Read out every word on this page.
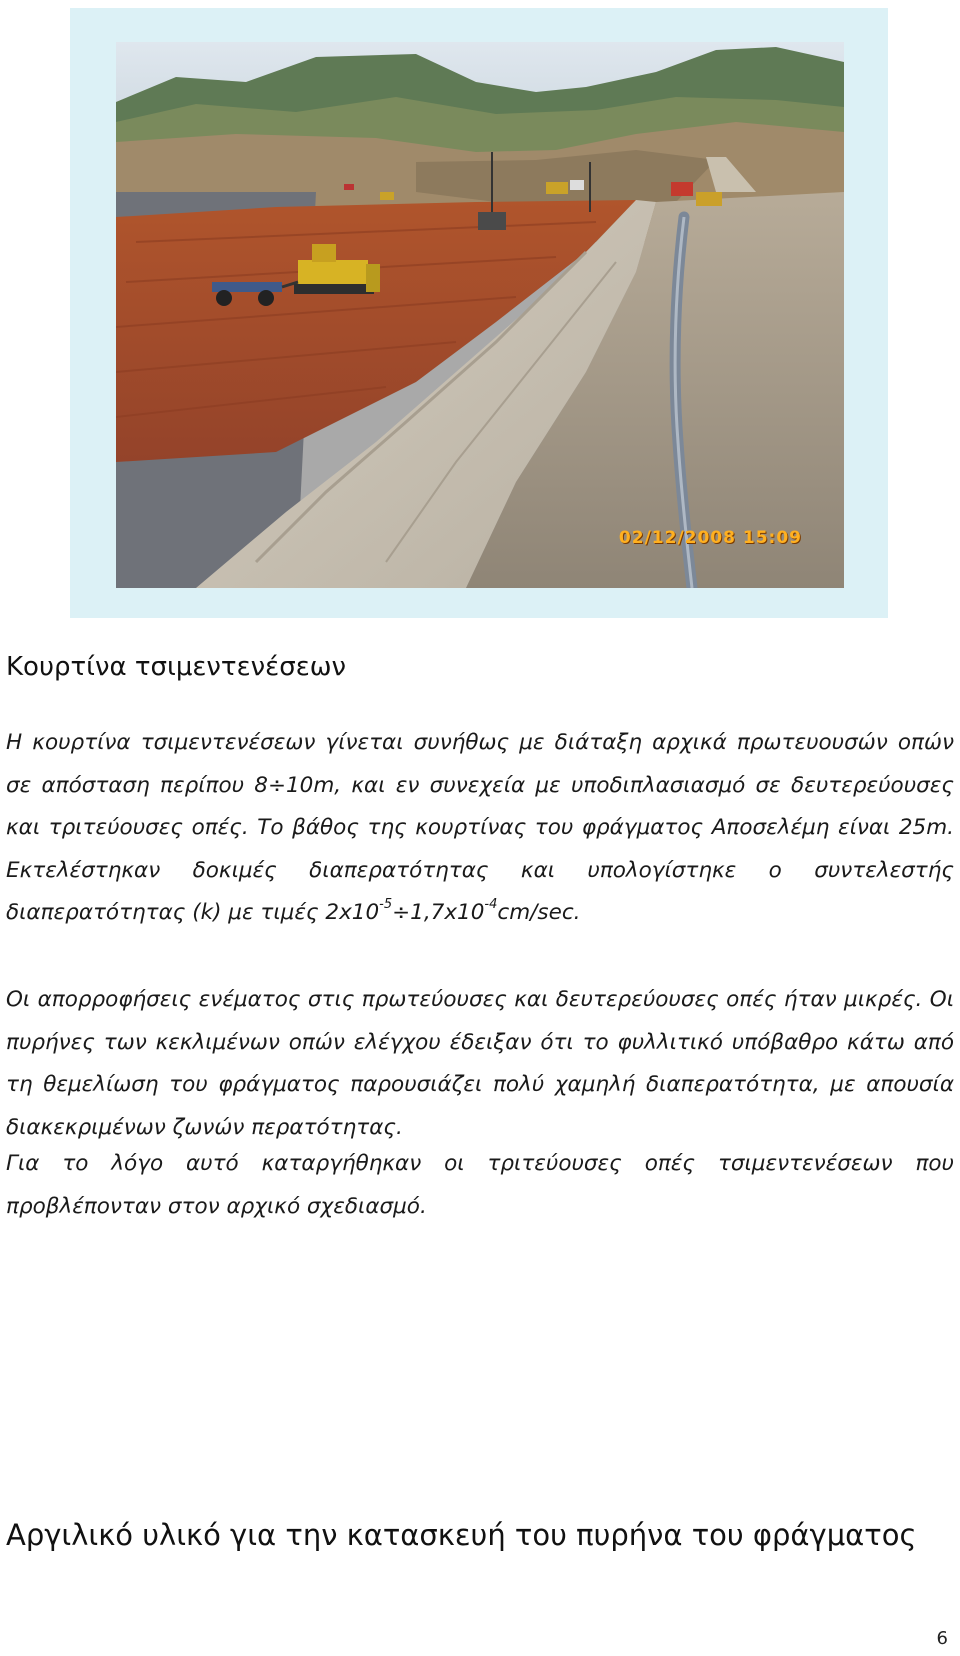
02/12/2008 15:09
Κουρτίνα τσιμεντενέσεων

Η κουρτίνα τσιμεντενέσεων γίνεται συνήθως με διάταξη αρχικά πρωτευουσών οπών σε απόσταση περίπου 8÷10m, και εν συνεχεία με υποδιπλασιασμό σε δευτερεύουσες και τριτεύουσες οπές. Το βάθος της κουρτίνας του φράγματος Αποσελέμη είναι 25m. Εκτελέστηκαν δοκιμές διαπερατότητας και υπολογίστηκε ο συντελεστής διαπερατότητας (k) με τιμές $2x10^{-5}\div 1,7x10^{-4}cm/\sec$.

Οι απορροφήσεις ενέματος στις πρωτεύουσες και δευτερεύουσες οπές ήταν μικρές. Οι πυρήνες των κεκλιμένων οπών ελέγχου έδειξαν ότι το φυλλιτικό υπόβαθρο κάτω από τη θεμελίωση του φράγματος παρουσιάζει πολύ χαμηλή διαπερατότητα, με απουσία διακεκριμένων ζωνών περατότητας.

Για το λόγο αυτό καταργήθηκαν οι τριτεύουσες οπές τσιμεντενέσεων που προβλέπονταν στον αρχικό σχεδιασμό.

Αργιλικό υλικό για την κατασκευή του πυρήνα του φράγματος
6
